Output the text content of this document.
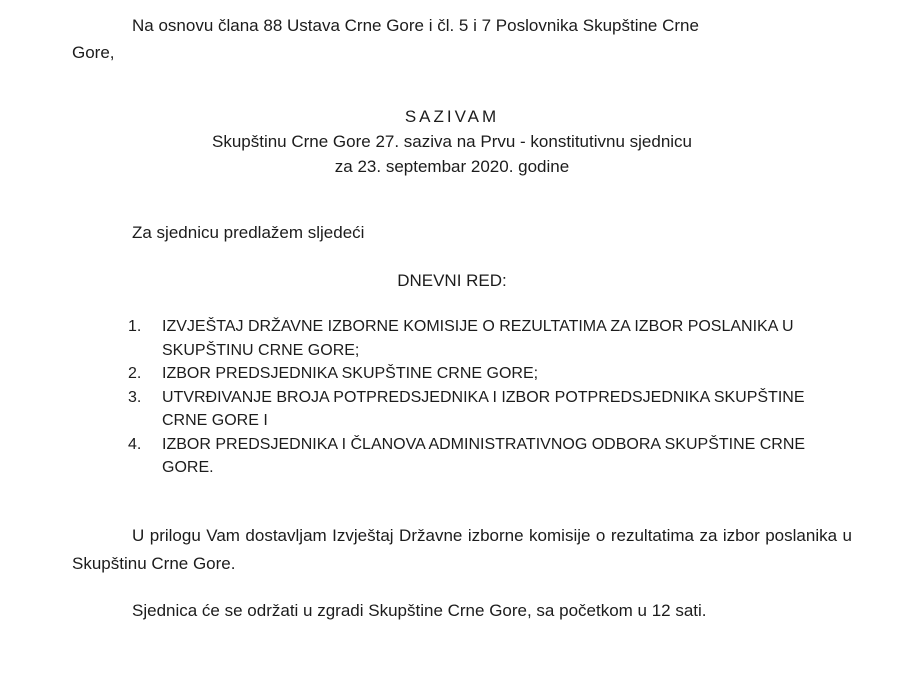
Na osnovu člana 88 Ustava Crne Gore i čl. 5 i 7 Poslovnika Skupštine Crne
Gore,
SAZIVAM
Skupštinu Crne Gore 27. saziva na Prvu - konstitutivnu sjednicu
za 23. septembar 2020. godine
Za sjednicu predlažem sljedeći
DNEVNI RED:
1. IZVJEŠTAJ DRŽAVNE IZBORNE KOMISIJE O REZULTATIMA ZA IZBOR POSLANIKA U
SKUPŠTINU CRNE GORE;
2. IZBOR PREDSJEDNIKA SKUPŠTINE CRNE GORE;
3. UTVRĐIVANJE BROJA POTPREDSJEDNIKA I IZBOR POTPREDSJEDNIKA SKUPŠTINE
CRNE GORE I
4. IZBOR PREDSJEDNIKA I ČLANOVA ADMINISTRATIVNOG ODBORA SKUPŠTINE CRNE
GORE.
U prilogu Vam dostavljam Izvještaj Državne izborne komisije o rezultatima za izbor poslanika u Skupštinu Crne Gore.
Sjednica će se održati u zgradi Skupštine Crne Gore, sa početkom u 12 sati.
